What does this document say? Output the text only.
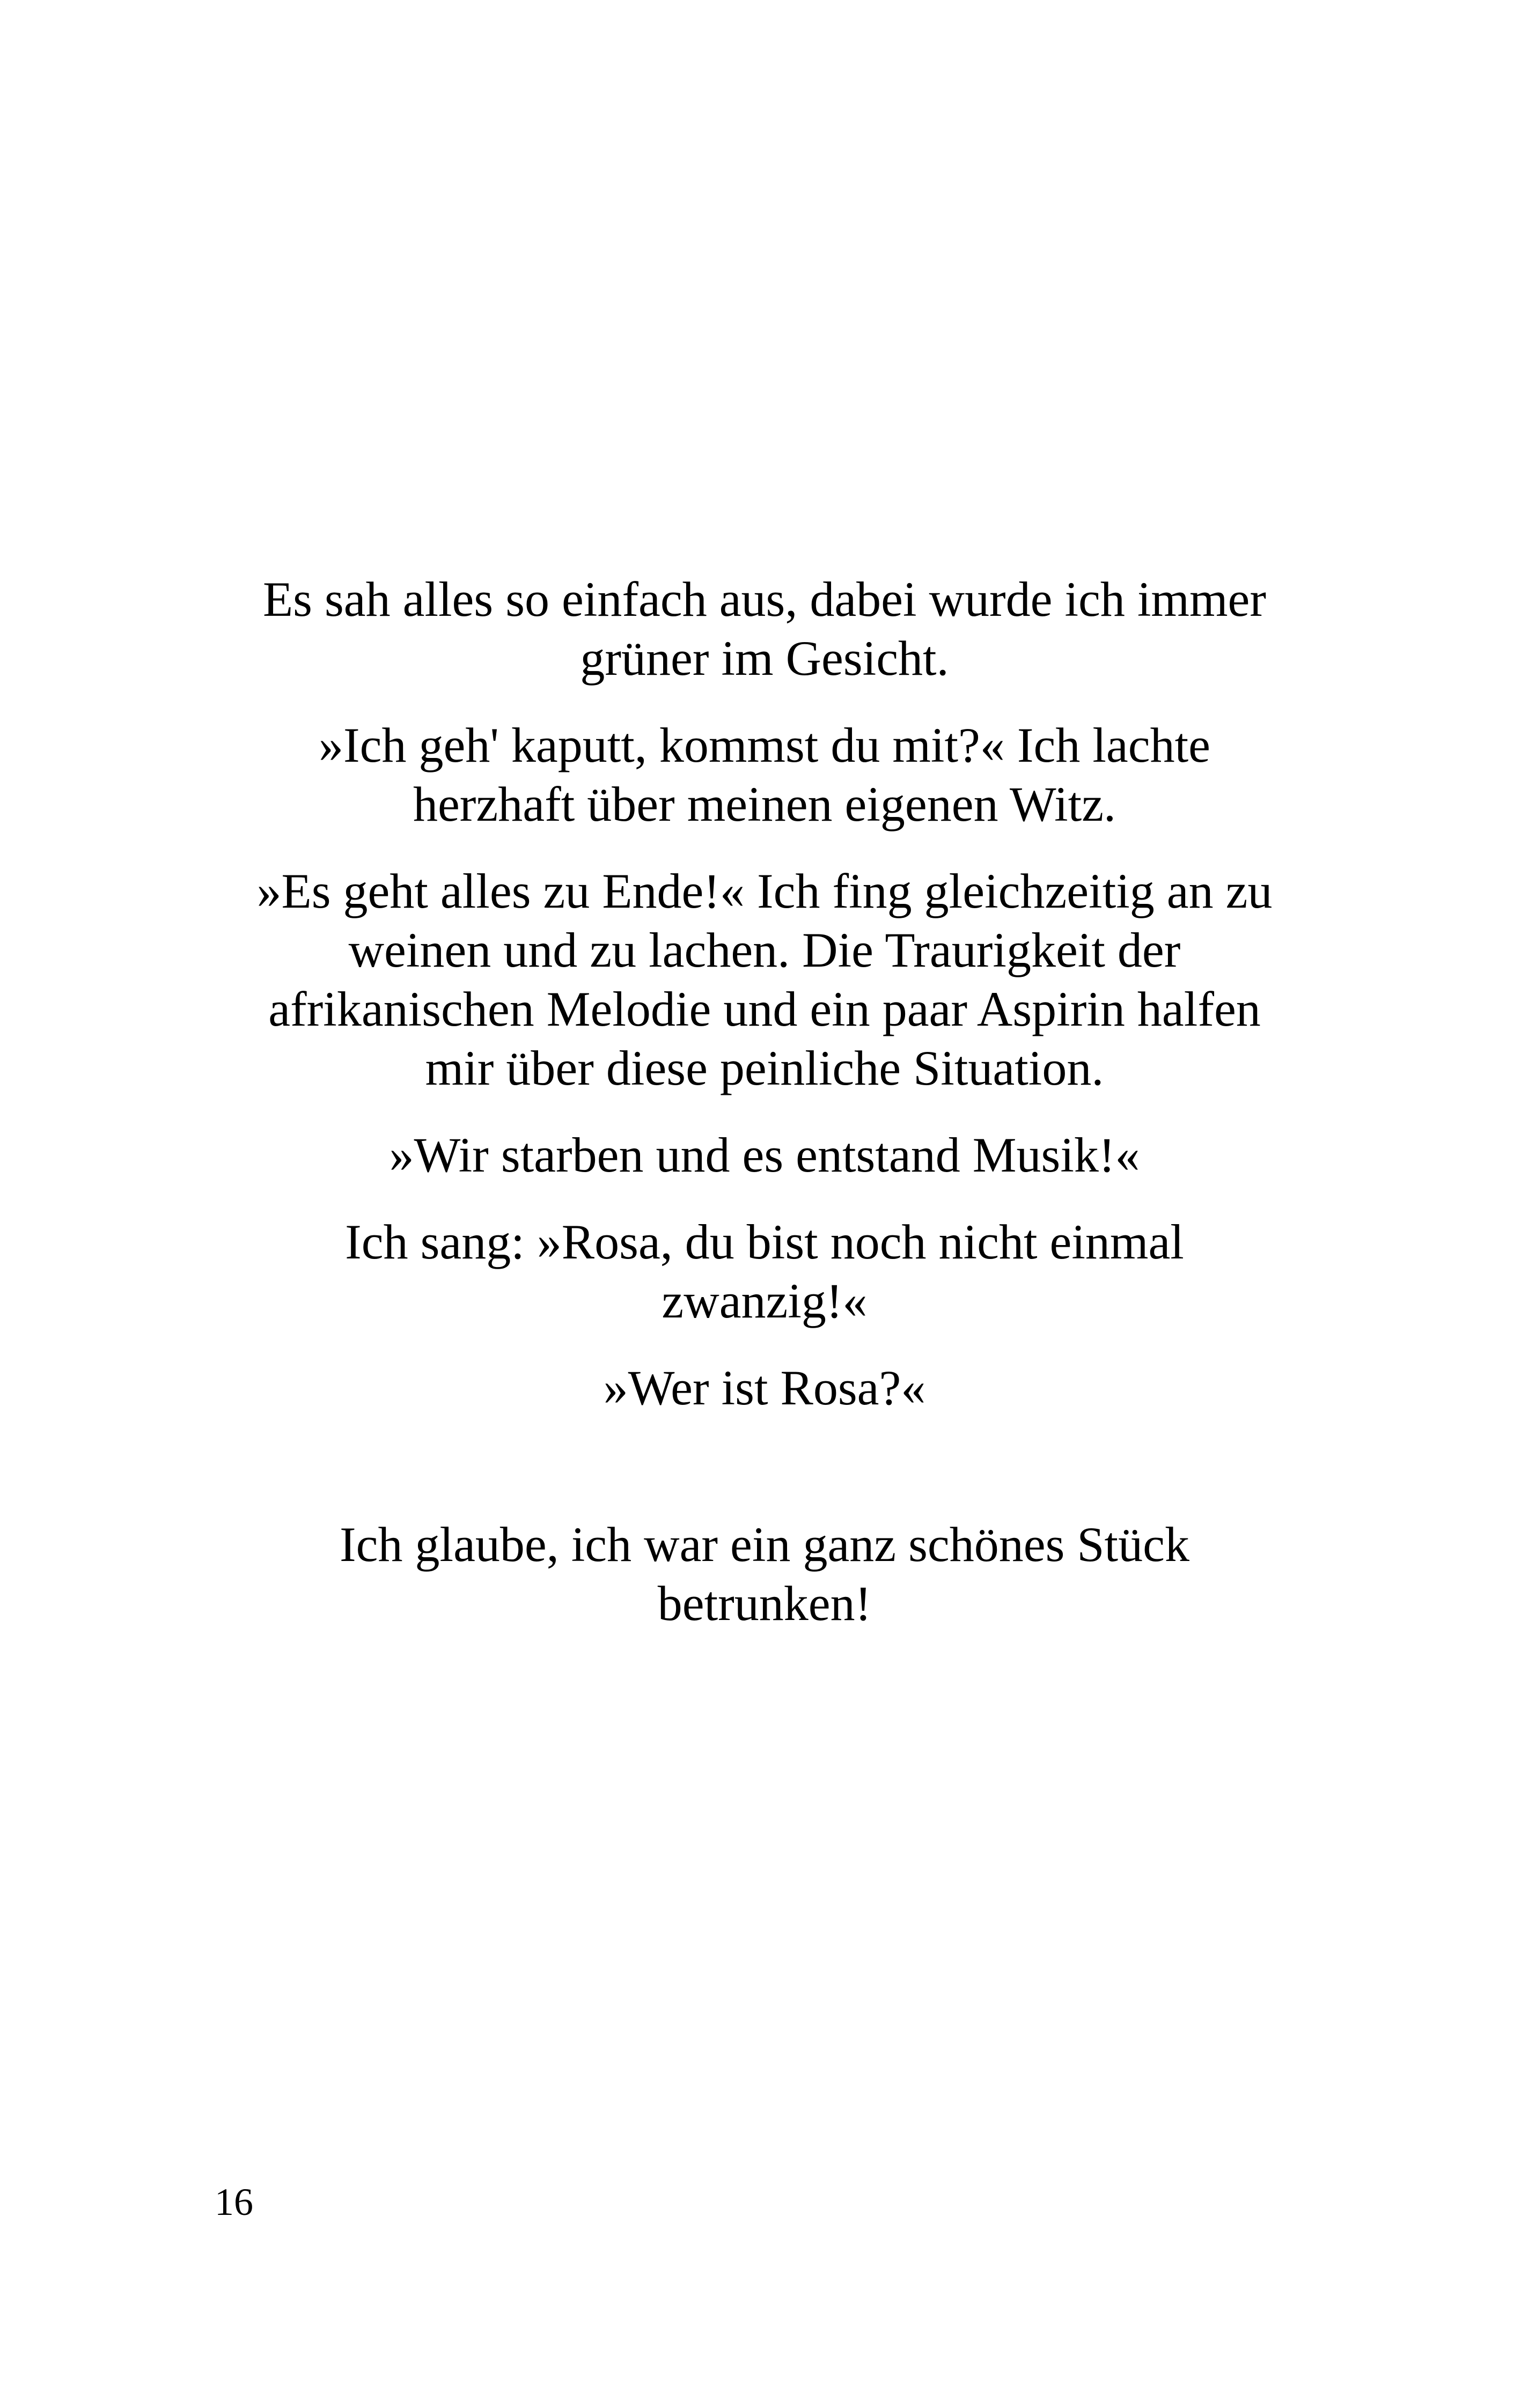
Es sah alles so einfach aus, dabei wurde ich immer
grüner im Gesicht.

»Ich geh' kaputt, kommst du mit?« Ich lachte
herzhaft über meinen eigenen Witz.

»Es geht alles zu Ende!« Ich fing gleichzeitig an zu
weinen und zu lachen. Die Traurigkeit der
afrikanischen Melodie und ein paar Aspirin halfen
mir über diese peinliche Situation.

»Wir starben und es entstand Musik!«

Ich sang: »Rosa, du bist noch nicht einmal
zwanzig!«

»Wer ist Rosa?«

Ich glaube, ich war ein ganz schönes Stück
betrunken!

16
